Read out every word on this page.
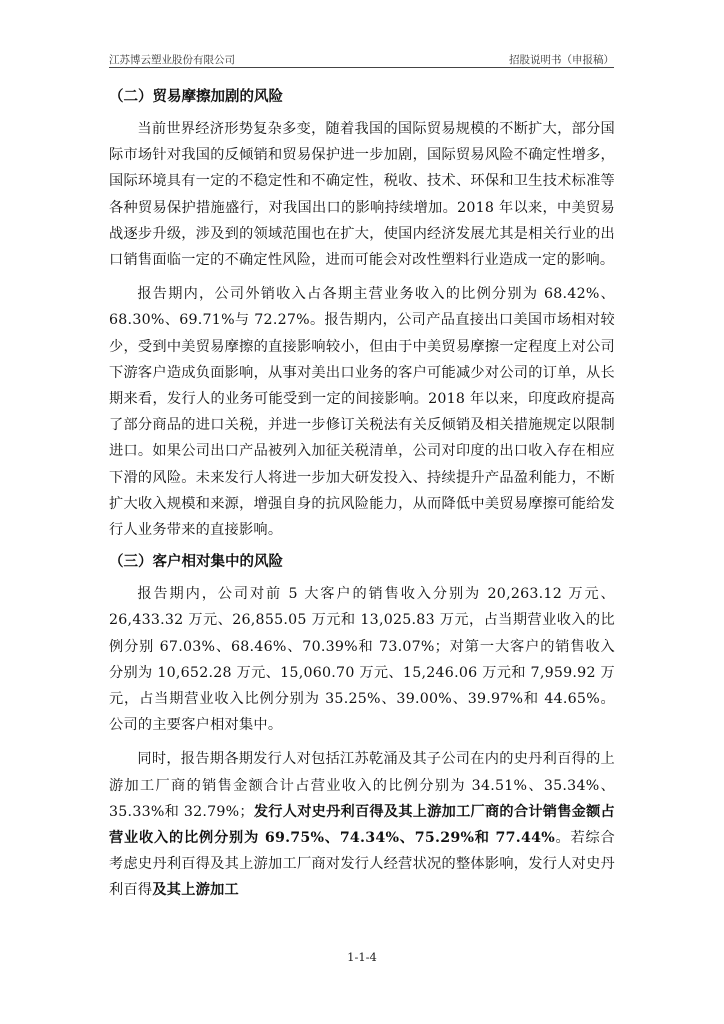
江苏博云塑业股份有限公司	招股说明书（申报稿）
（二）贸易摩擦加剧的风险

当前世界经济形势复杂多变，随着我国的国际贸易规模的不断扩大，部分国际市场针对我国的反倾销和贸易保护进一步加剧，国际贸易风险不确定性增多，国际环境具有一定的不稳定性和不确定性，税收、技术、环保和卫生技术标准等各种贸易保护措施盛行，对我国出口的影响持续增加。2018 年以来，中美贸易战逐步升级，涉及到的领域范围也在扩大，使国内经济发展尤其是相关行业的出口销售面临一定的不确定性风险，进而可能会对改性塑料行业造成一定的影响。

报告期内，公司外销收入占各期主营业务收入的比例分别为 68.42%、68.30%、69.71%与 72.27%。报告期内，公司产品直接出口美国市场相对较少，受到中美贸易摩擦的直接影响较小，但由于中美贸易摩擦一定程度上对公司下游客户造成负面影响，从事对美出口业务的客户可能减少对公司的订单，从长期来看，发行人的业务可能受到一定的间接影响。2018 年以来，印度政府提高了部分商品的进口关税，并进一步修订关税法有关反倾销及相关措施规定以限制进口。如果公司出口产品被列入加征关税清单，公司对印度的出口收入存在相应下滑的风险。未来发行人将进一步加大研发投入、持续提升产品盈利能力，不断扩大收入规模和来源，增强自身的抗风险能力，从而降低中美贸易摩擦可能给发行人业务带来的直接影响。

（三）客户相对集中的风险

报告期内，公司对前 5 大客户的销售收入分别为 20,263.12 万元、26,433.32 万元、26,855.05 万元和 13,025.83 万元，占当期营业收入的比例分别 67.03%、68.46%、70.39%和 73.07%；对第一大客户的销售收入分别为 10,652.28 万元、15,060.70 万元、15,246.06 万元和 7,959.92 万元，占当期营业收入比例分别为 35.25%、39.00%、39.97%和 44.65%。公司的主要客户相对集中。

同时，报告期各期发行人对包括江苏乾涌及其子公司在内的史丹利百得的上游加工厂商的销售金额合计占营业收入的比例分别为 34.51%、35.34%、35.33%和 32.79%；发行人对史丹利百得及其上游加工厂商的合计销售金额占营业收入的比例分别为 69.75%、74.34%、75.29%和 77.44%。若综合考虑史丹利百得及其上游加工厂商对发行人经营状况的整体影响，发行人对史丹利百得及其上游加工

1-1-4
